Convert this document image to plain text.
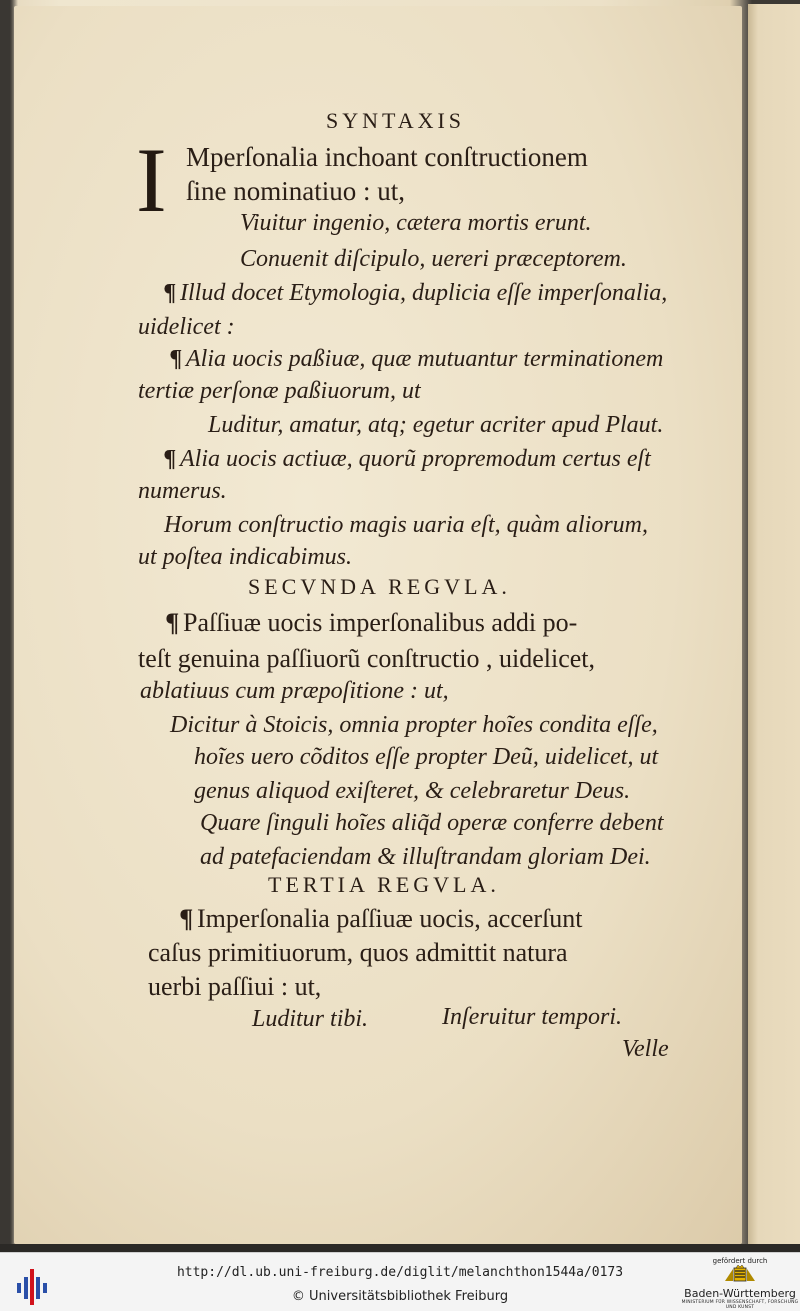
SYNTAXIS
I Mperſonalia inchoant conſtructionem
ſine nominatiuo : ut,
Viuitur ingenio, cætera mortis erunt.
Conuenit diſcipulo, uereri præceptorem.
¶ Illud docet Etymologia, duplicia eſſe imperſonalia,
uidelicet :
¶ Alia uocis paßiuæ, quæ mutuantur terminationem
tertiæ perſonæ paßiuorum, ut
Luditur, amatur, atq; egetur acriter apud Plaut.
¶ Alia uocis actiuæ, quorũ propremodum certus eſt
numerus.
Horum conſtructio magis uaria eſt, quàm aliorum,
ut poſtea indicabimus.
SECVNDA REGVLA.
¶ Paſſiuæ uocis imperſonalibus addi po-
teſt genuina paſſiuorũ conſtructio , uidelicet,
ablatiuus cum præpoſitione : ut,
Dicitur à Stoicis, omnia propter hoĩes condita eſſe,
hoĩes uero cõditos eſſe propter Deũ, uidelicet, ut
genus aliquod exiſteret, & celebraretur Deus.
Quare ſinguli hoĩes aliq̃d operæ conferre debent
ad patefaciendam & illuſtrandam gloriam Dei.
TERTIA REGVLA.
¶ Imperſonalia paſſiuæ uocis, accerſunt
caſus primitiuorum, quos admittit natura
uerbi paſſiui : ut,
Luditur tibi.	Inſeruitur tempori.
Velle
http://dl.ub.uni-freiburg.de/diglit/melanchthon1544a/0173
© Universitätsbibliothek Freiburg
gefördert durch
Baden-Württemberg
MINISTERIUM FÜR WISSENSCHAFT, FORSCHUNG UND KUNST
